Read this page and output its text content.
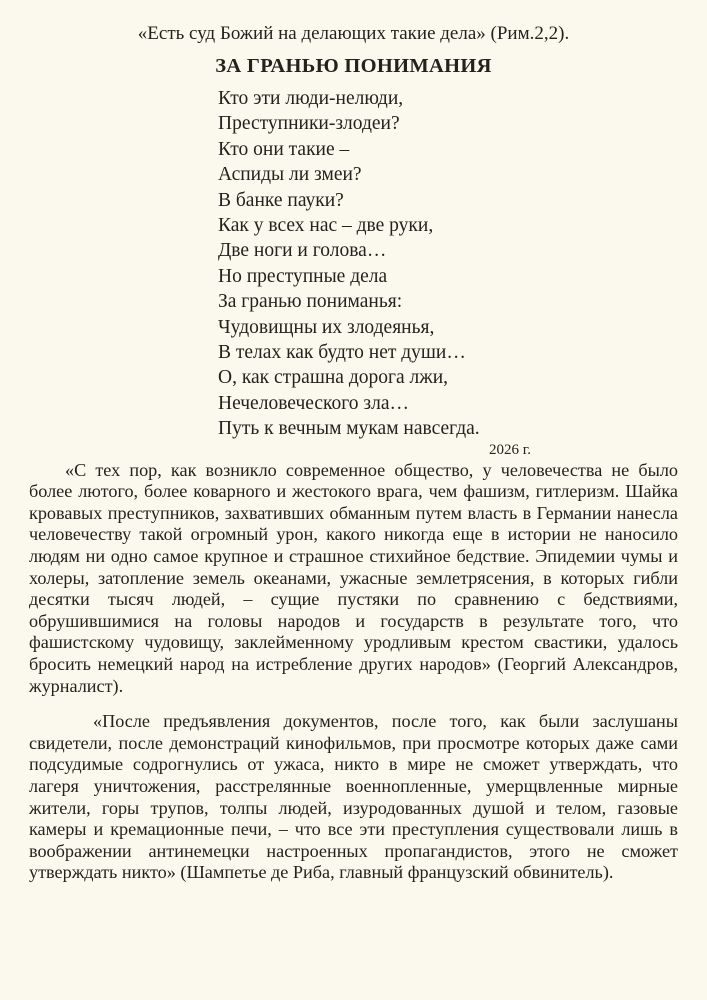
«Есть суд Божий на делающих такие дела» (Рим.2,2).
ЗА ГРАНЬЮ ПОНИМАНИЯ
Кто эти люди-нелюди,
Преступники-злодеи?
Кто они такие –
Аспиды ли змеи?
В банке пауки?
Как у всех нас – две руки,
Две ноги и голова…
Но преступные дела
За гранью пониманья:
Чудовищны их злодеянья,
В телах как будто нет души…
О, как страшна дорога лжи,
Нечеловеческого зла…
Путь к вечным мукам навсегда.
2026 г.

«С тех пор, как возникло современное общество, у человечества не было более лютого, более коварного и жестокого врага, чем фашизм, гитлеризм. Шайка кровавых преступников, захвативших обманным путем власть в Германии нанесла человечеству такой огромный урон, какого никогда еще в истории не наносило людям ни одно самое крупное и страшное стихийное бедствие. Эпидемии чумы и холеры, затопление земель океанами, ужасные землетрясения, в которых гибли десятки тысяч людей, – сущие пустяки по сравнению с бедствиями, обрушившимися на головы народов и государств в результате того, что фашистскому чудовищу, заклейменному уродливым крестом свастики, удалось бросить немецкий народ на истребление других народов» (Георгий Александров, журналист).

«После предъявления документов, после того, как были заслушаны свидетели, после демонстраций кинофильмов, при просмотре которых даже сами подсудимые содрогнулись от ужаса, никто в мире не сможет утверждать, что лагеря уничтожения, расстрелянные военнопленные, умерщвленные мирные жители, горы трупов, толпы людей, изуродованных душой и телом, газовые камеры и кремационные печи, – что все эти преступления существовали лишь в воображении антинемецки настроенных пропагандистов, этого не сможет утверждать никто» (Шампетье де Риба, главный французский обвинитель).
